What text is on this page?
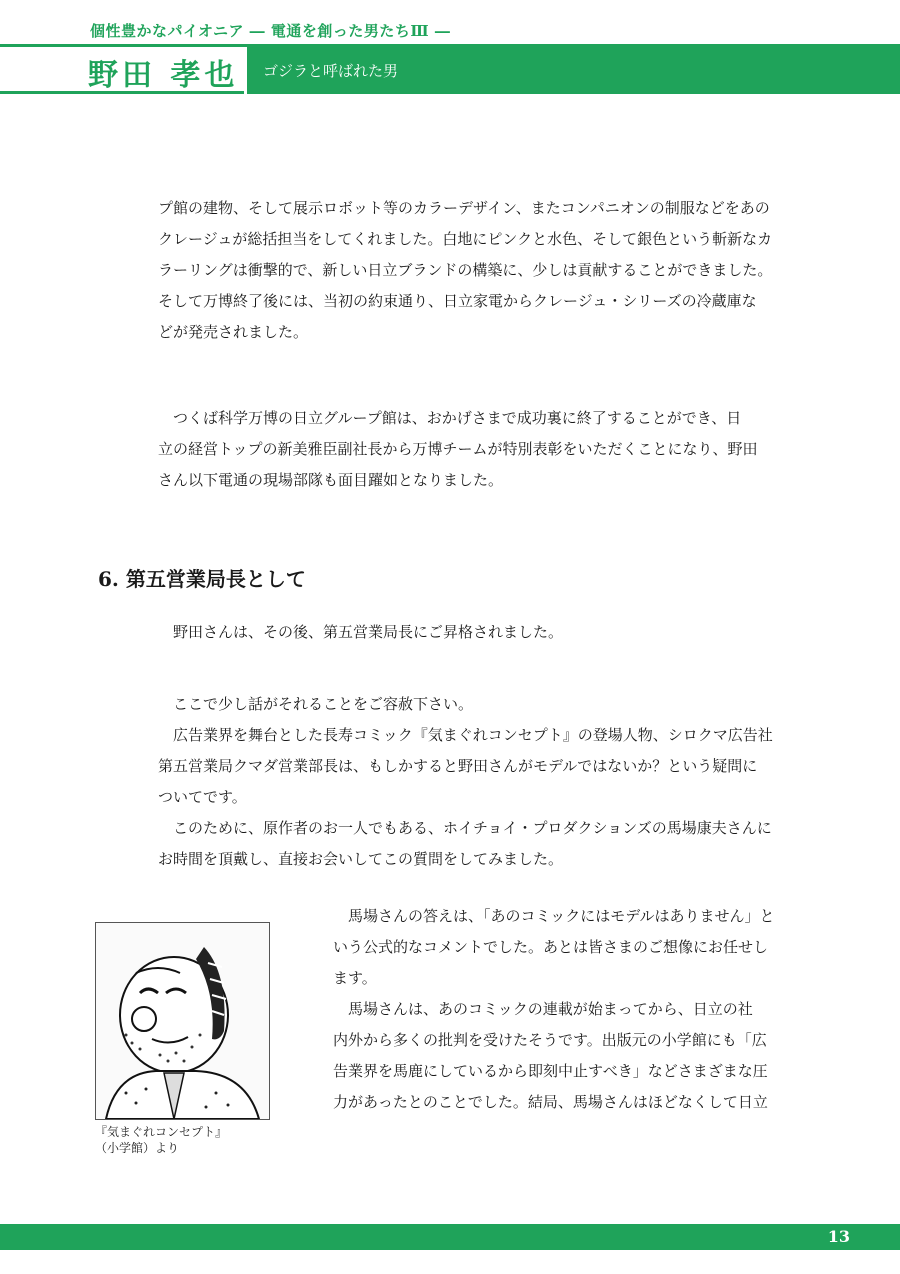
個性豊かなパイオニア ― 電通を創った男たちⅢ ―
野田 孝也 ゴジラと呼ばれた男
プ館の建物、そして展示ロボット等のカラーデザイン、またコンパニオンの制服などをあの
クレージュが総括担当をしてくれました。白地にピンクと水色、そして銀色という斬新なカ
ラーリングは衝撃的で、新しい日立ブランドの構築に、少しは貢献することができました。
そして万博終了後には、当初の約束通り、日立家電からクレージュ・シリーズの冷蔵庫な
どが発売されました。
　つくば科学万博の日立グループ館は、おかげさまで成功裏に終了することができ、日
立の経営トップの新美雅臣副社長から万博チームが特別表彰をいただくことになり、野田
さん以下電通の現場部隊も面目躍如となりました。
6. 第五営業局長として
　野田さんは、その後、第五営業局長にご昇格されました。
　ここで少し話がそれることをご容赦下さい。
　広告業界を舞台とした長寿コミック『気まぐれコンセプト』の登場人物、シロクマ広告社
第五営業局クマダ営業部長は、もしかすると野田さんがモデルではないか？という疑問に
ついてです。
　このために、原作者のお一人でもある、ホイチョイ・プロダクションズの馬場康夫さんに
お時間を頂戴し、直接お会いしてこの質問をしてみました。
『気まぐれコンセプト』
（小学館）より
　馬場さんの答えは、「あのコミックにはモデルはありません」と
いう公式的なコメントでした。あとは皆さまのご想像にお任せし
ます。
　馬場さんは、あのコミックの連載が始まってから、日立の社
内外から多くの批判を受けたそうです。出版元の小学館にも「広
告業界を馬鹿にしているから即刻中止すべき」などさまざまな圧
力があったとのことでした。結局、馬場さんはほどなくして日立
13
